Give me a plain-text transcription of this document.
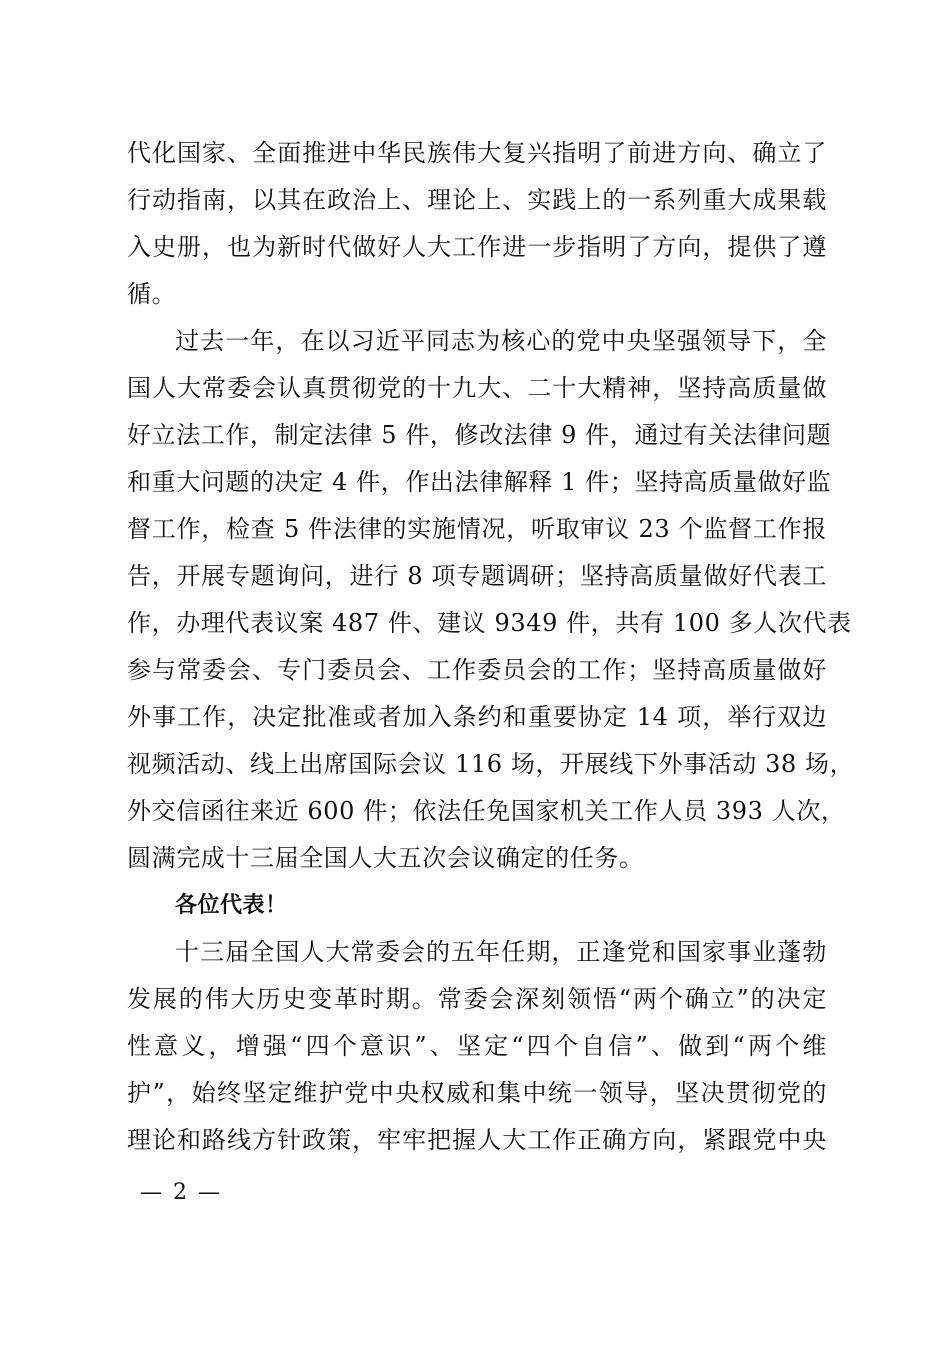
代化国家、全面推进中华民族伟大复兴指明了前进方向、确立了
行动指南，以其在政治上、理论上、实践上的一系列重大成果载
入史册，也为新时代做好人大工作进一步指明了方向，提供了遵
循。
过去一年，在以习近平同志为核心的党中央坚强领导下，全
国人大常委会认真贯彻党的十九大、二十大精神，坚持高质量做
好立法工作，制定法律 5 件，修改法律 9 件，通过有关法律问题
和重大问题的决定 4 件，作出法律解释 1 件；坚持高质量做好监
督工作，检查 5 件法律的实施情况，听取审议 23 个监督工作报
告，开展专题询问，进行 8 项专题调研；坚持高质量做好代表工
作，办理代表议案 487 件、建议 9349 件，共有 100 多人次代表
参与常委会、专门委员会、工作委员会的工作；坚持高质量做好
外事工作，决定批准或者加入条约和重要协定 14 项，举行双边
视频活动、线上出席国际会议 116 场，开展线下外事活动 38 场，
外交信函往来近 600 件；依法任免国家机关工作人员 393 人次，
圆满完成十三届全国人大五次会议确定的任务。
各位代表！
十三届全国人大常委会的五年任期，正逢党和国家事业蓬勃
发展的伟大历史变革时期。常委会深刻领悟“两个确立”的决定
性意义，增强“四个意识”、坚定“四个自信”、做到“两个维
护”，始终坚定维护党中央权威和集中统一领导，坚决贯彻党的
理论和路线方针政策，牢牢把握人大工作正确方向，紧跟党中央
— 2 —
